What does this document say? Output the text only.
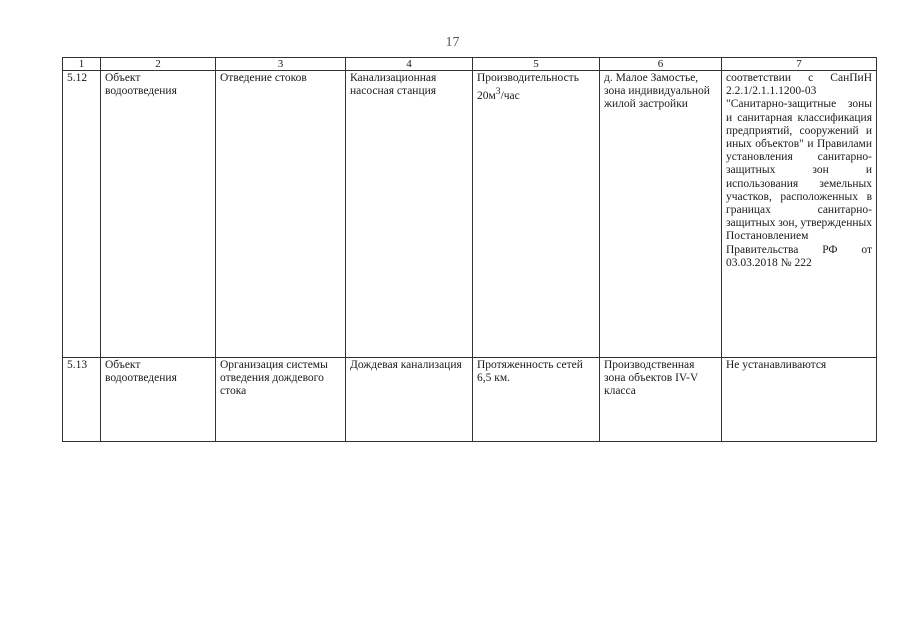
17
1	2	3	4	5	6	7
5.12	Объект водоотведения	Отведение стоков	Канализационная насосная станция	Производительность $20м^3$/час	д. Малое Замостье, зона индивидуальной жилой застройки	соответствии с СанПиН 2.2.1/2.1.1.1200-03 "Санитарно-защитные зоны и санитарная классификация предприятий, сооружений и иных объектов" и Правилами установления санитарно-защитных зон и использования земельных участков, расположенных в границах санитарно-защитных зон, утвержденных Постановлением Правительства РФ от 03.03.2018 № 222
5.13	Объект водоотведения	Организация системы отведения дождевого стока	Дождевая канализация	Протяженность сетей 6,5 км.	Производственная зона объектов IV-V класса	Не устанавливаются
